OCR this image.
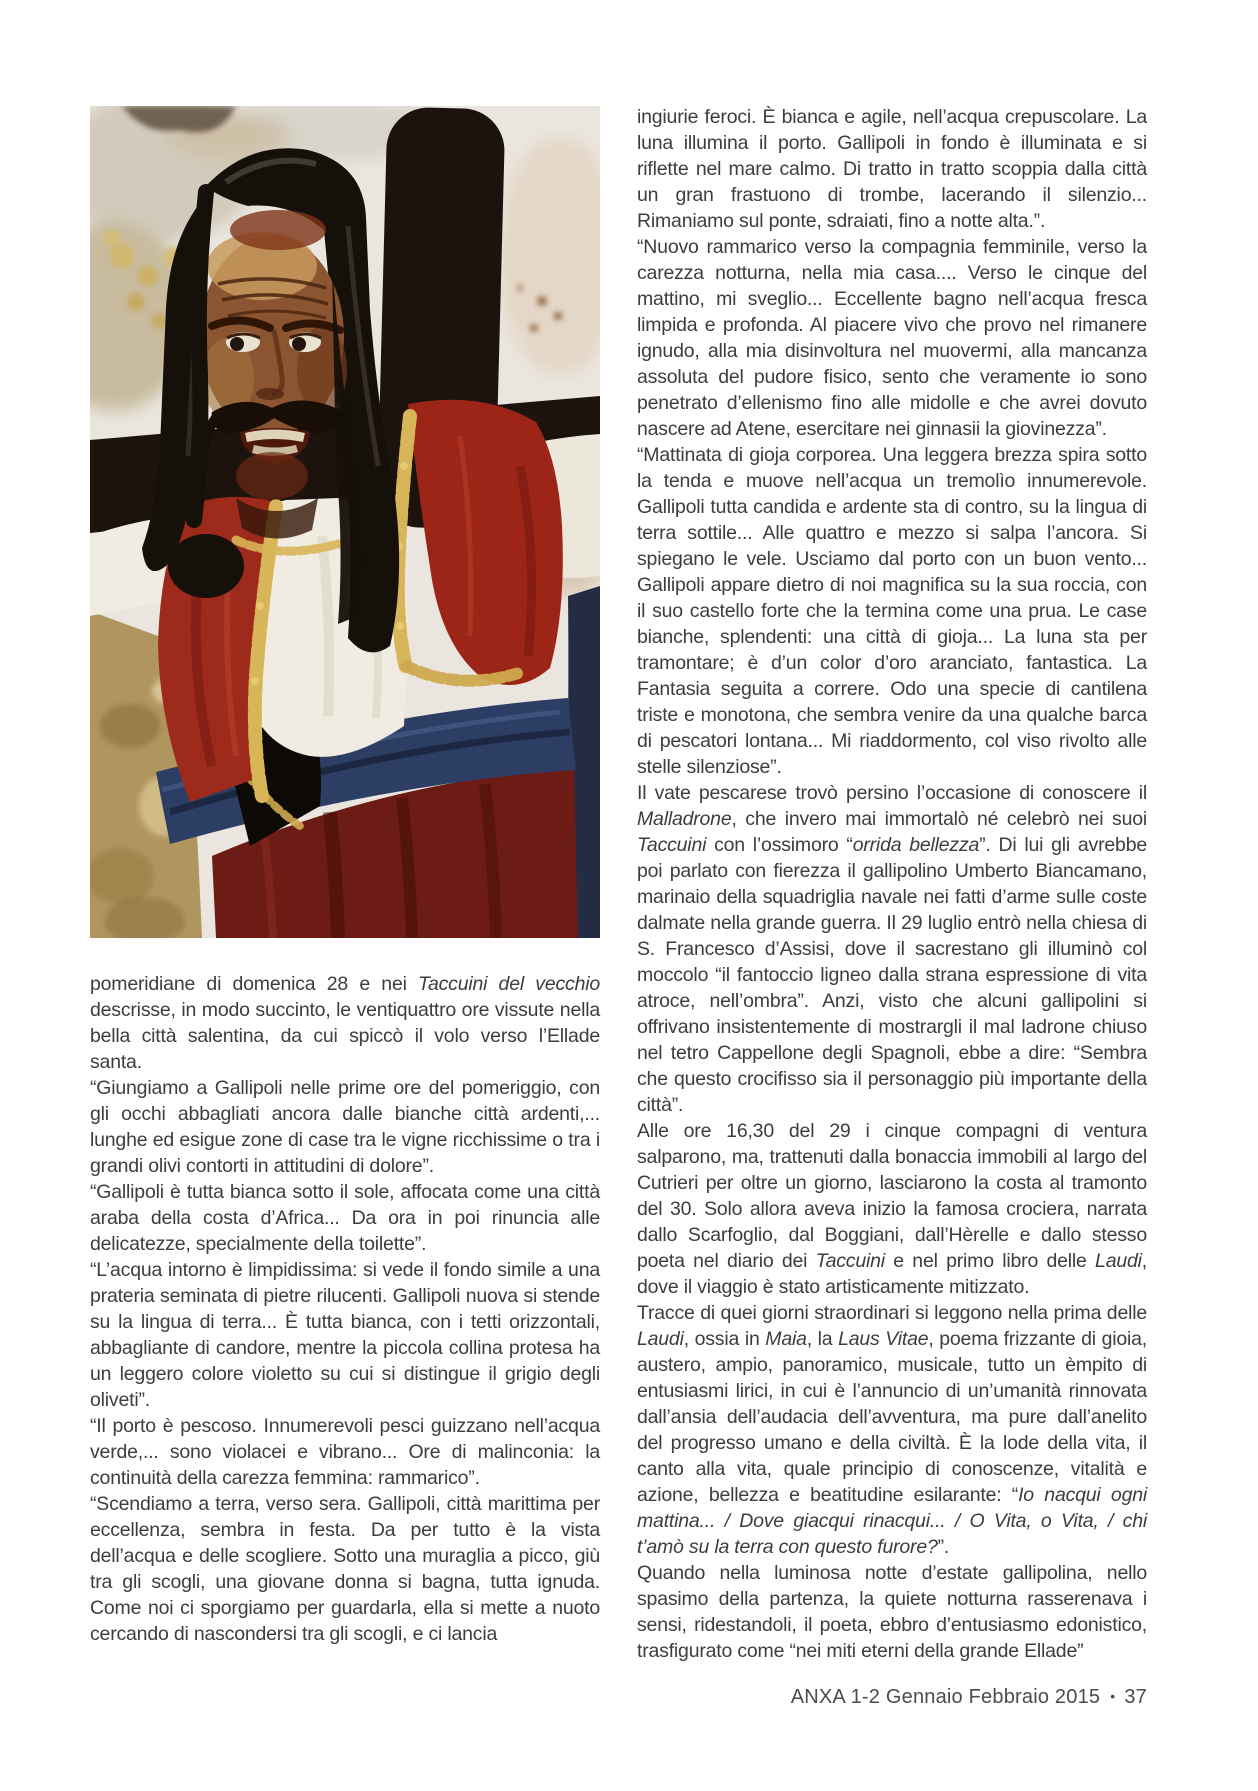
pomeridiane di domenica 28 e nei Taccuini del vecchio descrisse, in modo succinto, le ventiquattro ore vissute nella bella città salentina, da cui spiccò il volo verso l’Ellade santa.

“Giungiamo a Gallipoli nelle prime ore del pomeriggio, con gli occhi abbagliati ancora dalle bianche città ardenti,... lunghe ed esigue zone di case tra le vigne ricchissime o tra i grandi olivi contorti in attitudini di dolore”.

“Gallipoli è tutta bianca sotto il sole, affocata come una città araba della costa d’Africa... Da ora in poi rinuncia alle delicatezze, specialmente della toilette”.

“L’acqua intorno è limpidissima: si vede il fondo simile a una prateria seminata di pietre rilucenti. Gallipoli nuova si stende su la lingua di terra... È tutta bianca, con i tetti orizzontali, abbagliante di candore, mentre la piccola collina protesa ha un leggero colore violetto su cui si distingue il grigio degli oliveti”.

“Il porto è pescoso. Innumerevoli pesci guizzano nell’acqua verde,... sono violacei e vibrano... Ore di malinconia: la continuità della carezza femmina: rammarico”.

“Scendiamo a terra, verso sera. Gallipoli, città marittima per eccellenza, sembra in festa. Da per tutto è la vista dell’acqua e delle scogliere. Sotto una muraglia a picco, giù tra gli scogli, una giovane donna si bagna, tutta ignuda. Come noi ci sporgiamo per guardarla, ella si mette a nuoto cercando di nascondersi tra gli scogli, e ci lancia

ingiurie feroci. È bianca e agile, nell’acqua crepuscolare. La luna illumina il porto. Gallipoli in fondo è illuminata e si riflette nel mare calmo. Di tratto in tratto scoppia dalla città un gran frastuono di trombe, lacerando il silenzio... Rimaniamo sul ponte, sdraiati, fino a notte alta.”.

“Nuovo rammarico verso la compagnia femminile, verso la carezza notturna, nella mia casa.... Verso le cinque del mattino, mi sveglio... Eccellente bagno nell’acqua fresca limpida e profonda. Al piacere vivo che provo nel rimanere ignudo, alla mia disinvoltura nel muovermi, alla mancanza assoluta del pudore fisico, sento che veramente io sono penetrato d’ellenismo fino alle midolle e che avrei dovuto nascere ad Atene, esercitare nei ginnasii la giovinezza”.

“Mattinata di gioja corporea. Una leggera brezza spira sotto la tenda e muove nell’acqua un tremolìo innumerevole. Gallipoli tutta candida e ardente sta di contro, su la lingua di terra sottile... Alle quattro e mezzo si salpa l’ancora. Si spiegano le vele. Usciamo dal porto con un buon vento... Gallipoli appare dietro di noi magnifica su la sua roccia, con il suo castello forte che la termina come una prua. Le case bianche, splendenti: una città di gioja... La luna sta per tramontare; è d’un color d’oro aranciato, fantastica. La Fantasia seguita a correre. Odo una specie di cantilena triste e monotona, che sembra venire da una qualche barca di pescatori lontana... Mi riaddormento, col viso rivolto alle stelle silenziose”.

Il vate pescarese trovò persino l’occasione di conoscere il Malladrone, che invero mai immortalò né celebrò nei suoi Taccuini con l’ossimoro “orrida bellezza”. Di lui gli avrebbe poi parlato con fierezza il gallipolino Umberto Biancamano, marinaio della squadriglia navale nei fatti d’arme sulle coste dalmate nella grande guerra. Il 29 luglio entrò nella chiesa di S. Francesco d’Assisi, dove il sacrestano gli illuminò col moccolo “il fantoccio ligneo dalla strana espressione di vita atroce, nell’ombra”. Anzi, visto che alcuni gallipolini si offrivano insistentemente di mostrargli il mal ladrone chiuso nel tetro Cappellone degli Spagnoli, ebbe a dire: “Sembra che questo crocifisso sia il personaggio più importante della città”.

Alle ore 16,30 del 29 i cinque compagni di ventura salparono, ma, trattenuti dalla bonaccia immobili al largo del Cutrieri per oltre un giorno, lasciarono la costa al tramonto del 30. Solo allora aveva inizio la famosa crociera, narrata dallo Scarfoglio, dal Boggiani, dall’Hèrelle e dallo stesso poeta nel diario dei Taccuini e nel primo libro delle Laudi, dove il viaggio è stato artisticamente mitizzato.

Tracce di quei giorni straordinari si leggono nella prima delle Laudi, ossia in Maia, la Laus Vitae, poema frizzante di gioia, austero, ampio, panoramico, musicale, tutto un èmpito di entusiasmi lirici, in cui è l’annuncio di un’umanità rinnovata dall’ansia dell’audacia dell’avventura, ma pure dall’anelito del progresso umano e della civiltà. È la lode della vita, il canto alla vita, quale principio di conoscenze, vitalità e azione, bellezza e beatitudine esilarante: “Io nacqui ogni mattina... / Dove giacqui rinacqui... / O Vita, o Vita, / chi t’amò su la terra con questo furore?”.

Quando nella luminosa notte d’estate gallipolina, nello spasimo della partenza, la quiete notturna rasserenava i sensi, ridestandoli, il poeta, ebbro d’entusiasmo edonistico, trasfigurato come “nei miti eterni della grande Ellade”

ANXA 1-2 Gennaio Febbraio 2015 • 37
